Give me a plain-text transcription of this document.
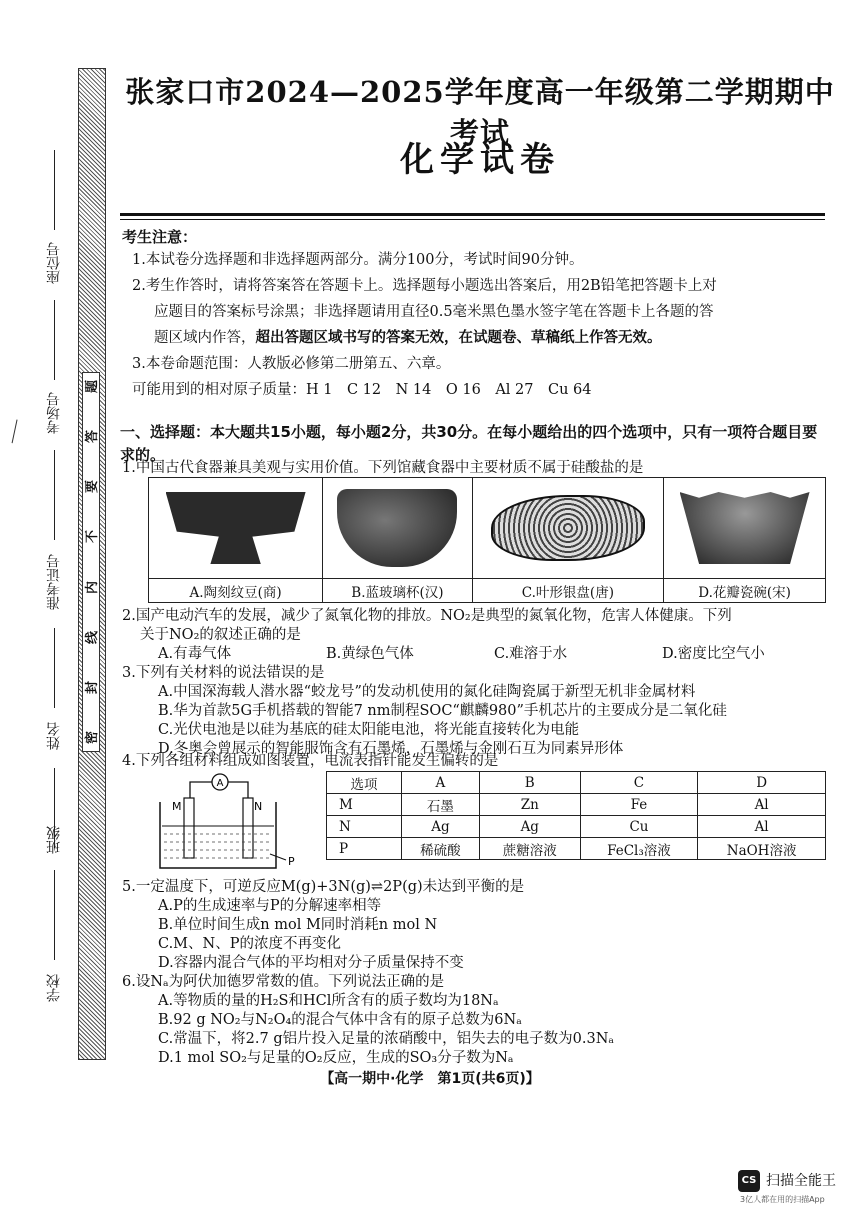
座位号
考场号
准考证号
姓名
班级
学校
题
答
要
不
内
线
封
密
张家口市2024—2025学年度高一年级第二学期期中考试
化学试卷
考生注意：

1.本试卷分选择题和非选择题两部分。满分100分，考试时间90分钟。

2.考生作答时，请将答案答在答题卡上。选择题每小题选出答案后，用2B铅笔把答题卡上对

应题目的答案标号涂黑；非选择题请用直径0.5毫米黑色墨水签字笔在答题卡上各题的答

题区域内作答，超出答题区域书写的答案无效，在试题卷、草稿纸上作答无效。

3.本卷命题范围：人教版必修第二册第五、六章。

可能用到的相对原子质量：H 1　C 12　N 14　O 16　Al 27　Cu 64

一、选择题：本大题共15小题，每小题2分，共30分。在每小题给出的四个选项中，只有一项符合题目要求的。

1.中国古代食器兼具美观与实用价值。下列馆藏食器中主要材质不属于硅酸盐的是

A.陶刻纹豆(商)	B.蓝玻璃杯(汉)	C.叶形银盘(唐)	D.花瓣瓷碗(宋)

2.国产电动汽车的发展，减少了氮氧化物的排放。NO₂是典型的氮氧化物，危害人体健康。下列

关于NO₂的叙述正确的是

A.有毒气体	B.黄绿色气体	C.难溶于水	D.密度比空气小

3.下列有关材料的说法错误的是

A.中国深海载人潜水器“蛟龙号”的发动机使用的氮化硅陶瓷属于新型无机非金属材料

B.华为首款5G手机搭载的智能7 nm制程SOC“麒麟980”手机芯片的主要成分是二氧化硅

C.光伏电池是以硅为基底的硅太阳能电池，将光能直接转化为电能

D.冬奥会曾展示的智能服饰含有石墨烯，石墨烯与金刚石互为同素异形体

4.下列各组材料组成如图装置，电流表指针能发生偏转的是

A
M	N
P
选项	A	B	C	D
M	石墨	Zn	Fe	Al
N	Ag	Ag	Cu	Al
P	稀硫酸	蔗糖溶液	FeCl₃溶液	NaOH溶液

5.一定温度下，可逆反应M(g)+3N(g)⇌2P(g)未达到平衡的是

A.P的生成速率与P的分解速率相等

B.单位时间生成n mol M同时消耗n mol N

C.M、N、P的浓度不再变化

D.容器内混合气体的平均相对分子质量保持不变

6.设Nₐ为阿伏加德罗常数的值。下列说法正确的是

A.等物质的量的H₂S和HCl所含有的质子数均为18Nₐ

B.92 g NO₂与N₂O₄的混合气体中含有的原子总数为6Nₐ

C.常温下，将2.7 g铝片投入足量的浓硝酸中，铝失去的电子数为0.3Nₐ

D.1 mol SO₂与足量的O₂反应，生成的SO₃分子数为Nₐ

【高一期中·化学　第1页(共6页)】
CS 扫描全能王
3亿人都在用的扫描App
